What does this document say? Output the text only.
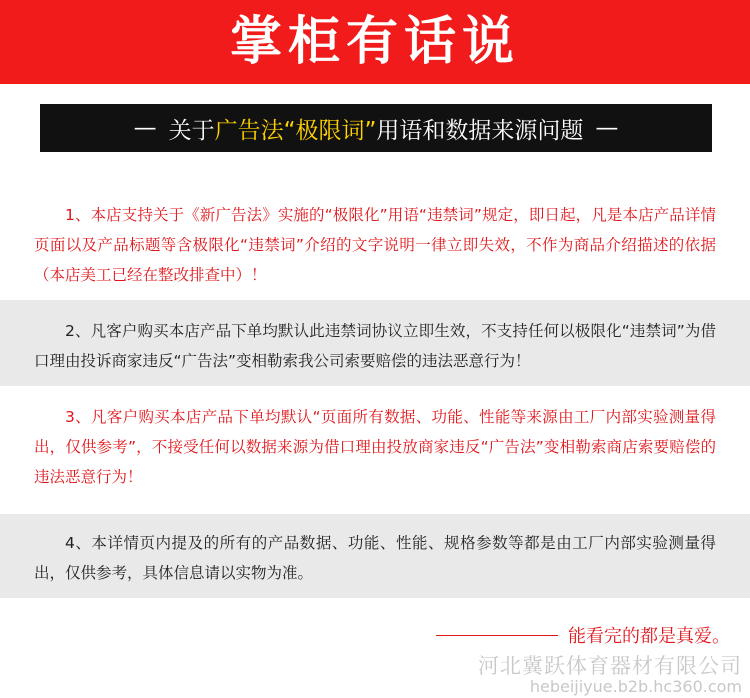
掌柜有话说
— 关于 广告法“极限词” 用语和数据来源问题 —

1、本店支持关于《新广告法》实施的“极限化”用语“违禁词”规定，即日起，凡是本店产品详情页面以及产品标题等含极限化“违禁词”介绍的文字说明一律立即失效，不作为商品介绍描述的依据（本店美工已经在整改排查中）！

2、凡客户购买本店产品下单均默认此违禁词协议立即生效，不支持任何以极限化“违禁词”为借口理由投诉商家违反“广告法”变相勒索我公司索要赔偿的违法恶意行为！

3、凡客户购买本店产品下单均默认“页面所有数据、功能、性能等来源由工厂内部实验测量得出，仅供参考”，不接受任何以数据来源为借口理由投放商家违反“广告法”变相勒索商店索要赔偿的违法恶意行为！

4、本详情页内提及的所有的产品数据、功能、性能、规格参数等都是由工厂内部实验测量得出，仅供参考，具体信息请以实物为准。

能看完的都是真爱。
河北冀跃体育器材有限公司
hebeijiyue.b2b.hc360.com
